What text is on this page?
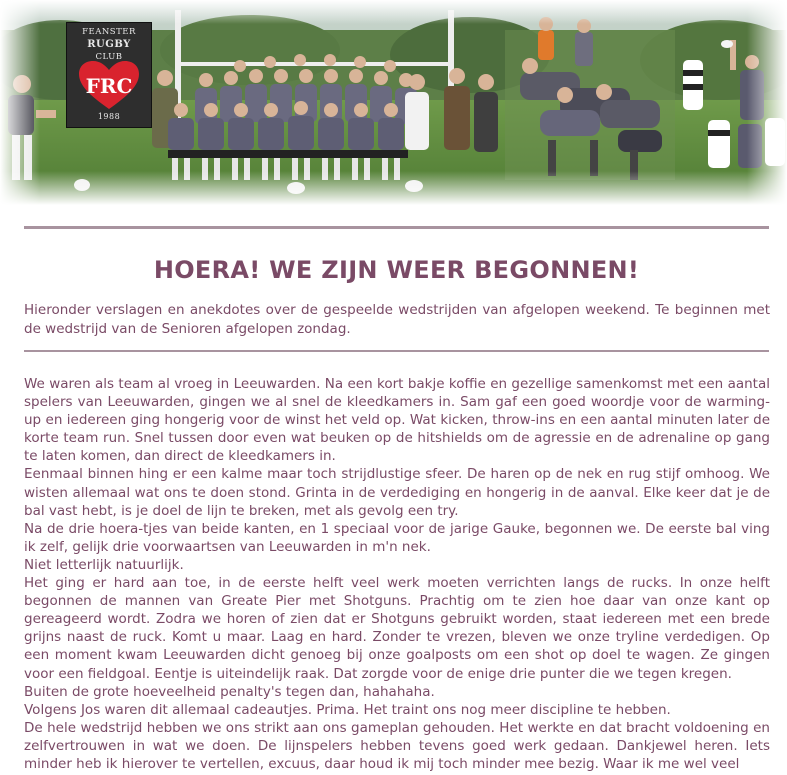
FEANSTER
RUGBY
CLUB
FRC
1988
HOERA! WE ZIJN WEER BEGONNEN!

Hieronder verslagen en anekdotes over de gespeelde wedstrijden van afgelopen weekend. Te beginnen met de wedstrijd van de Senioren afgelopen zondag.

We waren als team al vroeg in Leeuwarden. Na een kort bakje koffie en gezellige samenkomst met een aantal spelers van Leeuwarden, gingen we al snel de kleedkamers in. Sam gaf een goed woordje voor de warming-up en iedereen ging hongerig voor de winst het veld op. Wat kicken, throw-ins en een aantal minuten later de korte team run. Snel tussen door even wat beuken op de hitshields om de agressie en de adrenaline op gang te laten komen, dan direct de kleedkamers in.

Eenmaal binnen hing er een kalme maar toch strijdlustige sfeer. De haren op de nek en rug stijf omhoog. We wisten allemaal wat ons te doen stond. Grinta in de verdediging en hongerig in de aanval. Elke keer dat je de bal vast hebt, is je doel de lijn te breken, met als gevolg een try.

Na de drie hoera-tjes van beide kanten, en 1 speciaal voor de jarige Gauke, begonnen we. De eerste bal ving ik zelf, gelijk drie voorwaartsen van Leeuwarden in m'n nek.

Niet letterlijk natuurlijk.

Het ging er hard aan toe, in de eerste helft veel werk moeten verrichten langs de rucks. In onze helft begonnen de mannen van Greate Pier met Shotguns. Prachtig om te zien hoe daar van onze kant op gereageerd wordt. Zodra we horen of zien dat er Shotguns gebruikt worden, staat iedereen met een brede grijns naast de ruck. Komt u maar. Laag en hard. Zonder te vrezen, bleven we onze tryline verdedigen. Op een moment kwam Leeuwarden dicht genoeg bij onze goalposts om een shot op doel te wagen. Ze gingen voor een fieldgoal. Eentje is uiteindelijk raak. Dat zorgde voor de enige drie punter die we tegen kregen.

Buiten de grote hoeveelheid penalty's tegen dan, hahahaha.

Volgens Jos waren dit allemaal cadeautjes. Prima. Het traint ons nog meer discipline te hebben.

De hele wedstrijd hebben we ons strikt aan ons gameplan gehouden. Het werkte en dat bracht voldoening en zelfvertrouwen in wat we doen. De lijnspelers hebben tevens goed werk gedaan. Dankjewel heren. Iets minder heb ik hierover te vertellen, excuus, daar houd ik mij toch minder mee bezig. Waar ik me wel veel
